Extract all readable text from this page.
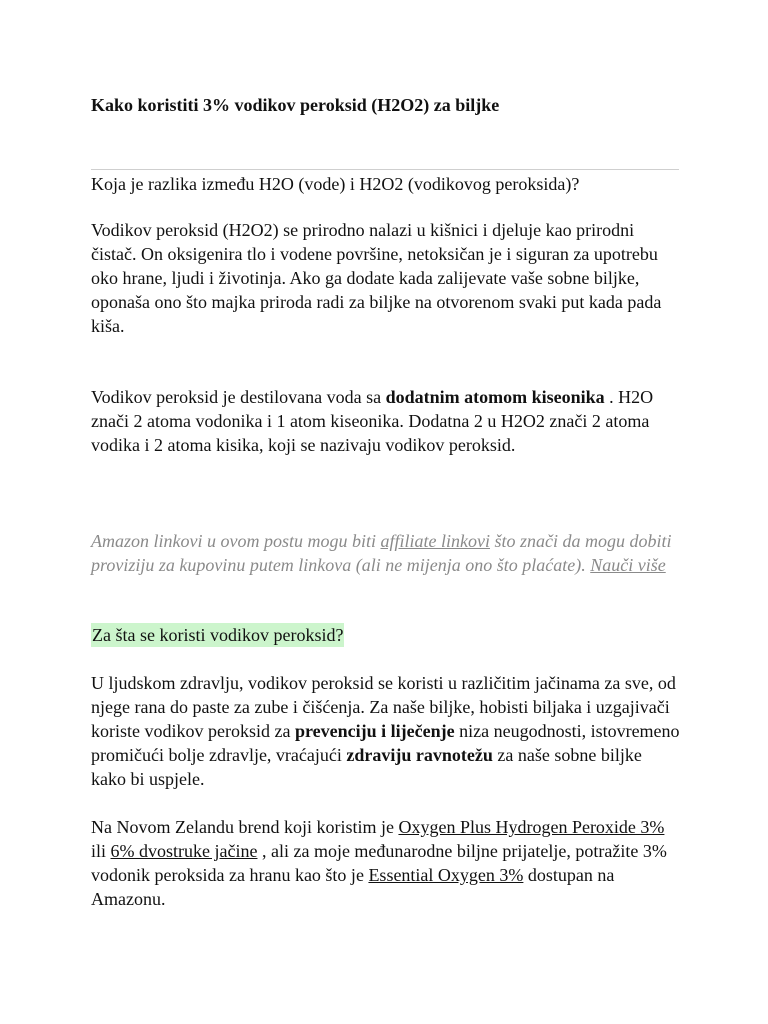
Kako koristiti 3% vodikov peroksid (H2O2) za biljke

Koja je razlika između H2O (vode) i H2O2 (vodikovog peroksida)?

Vodikov peroksid (H2O2) se prirodno nalazi u kišnici i djeluje kao prirodni čistač. On oksigenira tlo i vodene površine, netoksičan je i siguran za upotrebu oko hrane, ljudi i životinja. Ako ga dodate kada zalijevate vaše sobne biljke, oponaša ono što majka priroda radi za biljke na otvorenom svaki put kada pada kiša.

Vodikov peroksid je destilovana voda sa dodatnim atomom kiseonika . H2O znači 2 atoma vodonika i 1 atom kiseonika. Dodatna 2 u H2O2 znači 2 atoma vodika i 2 atoma kisika, koji se nazivaju vodikov peroksid.

Amazon linkovi u ovom postu mogu biti affiliate linkovi što znači da mogu dobiti proviziju za kupovinu putem linkova (ali ne mijenja ono što plaćate). Nauči više

Za šta se koristi vodikov peroksid?

U ljudskom zdravlju, vodikov peroksid se koristi u različitim jačinama za sve, od njege rana do paste za zube i čišćenja. Za naše biljke, hobisti biljaka i uzgajivači koriste vodikov peroksid za prevenciju i liječenje niza neugodnosti, istovremeno promičući bolje zdravlje, vraćajući zdraviju ravnotežu za naše sobne biljke kako bi uspjele.

Na Novom Zelandu brend koji koristim je Oxygen Plus Hydrogen Peroxide 3% ili 6% dvostruke jačine , ali za moje međunarodne biljne prijatelje, potražite 3% vodonik peroksida za hranu kao što je Essential Oxygen 3% dostupan na Amazonu.
